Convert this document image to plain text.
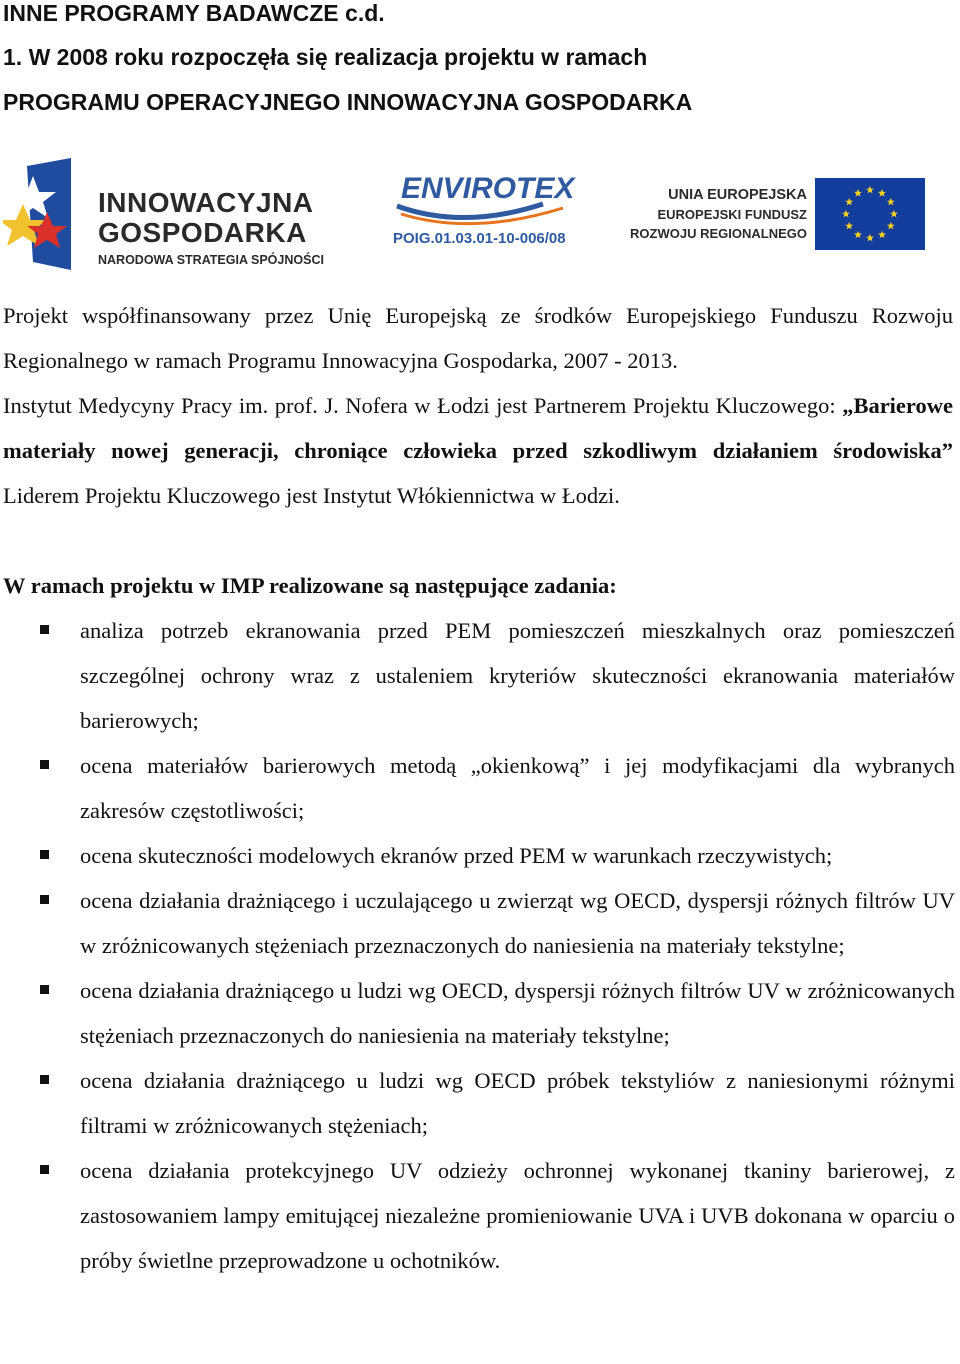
INNE PROGRAMY BADAWCZE c.d.
1. W 2008 roku rozpoczęła się realizacja projektu w ramach
PROGRAMU OPERACYJNEGO INNOWACYJNA GOSPODARKA
INNOWACYJNA
GOSPODARKA
NARODOWA STRATEGIA SPÓJNOŚCI
ENVIROTEX
POIG.01.03.01-10-006/08
UNIA EUROPEJSKA
EUROPEJSKI FUNDUSZ
ROZWOJU REGIONALNEGO

Projekt współfinansowany przez Unię Europejską ze środków Europejskiego Funduszu Rozwoju Regionalnego w ramach Programu Innowacyjna Gospodarka, 2007 - 2013.

Instytut Medycyny Pracy im. prof. J. Nofera w Łodzi jest Partnerem Projektu Kluczowego: „Barierowe materiały nowej generacji, chroniące człowieka przed szkodliwym działaniem środowiska” Liderem Projektu Kluczowego jest Instytut Włókiennictwa w Łodzi.

W ramach projektu w IMP realizowane są następujące zadania:

analiza potrzeb ekranowania przed PEM pomieszczeń mieszkalnych oraz pomieszczeń szczególnej ochrony wraz z ustaleniem kryteriów skuteczności ekranowania materiałów barierowych;
ocena materiałów barierowych metodą „okienkową” i jej modyfikacjami dla wybranych zakresów częstotliwości;
ocena skuteczności modelowych ekranów przed PEM w warunkach rzeczywistych;
ocena działania drażniącego i uczulającego u zwierząt wg OECD, dyspersji różnych filtrów UV w zróżnicowanych stężeniach przeznaczonych do naniesienia na materiały tekstylne;
ocena działania drażniącego u ludzi wg OECD, dyspersji różnych filtrów UV w zróżnicowanych stężeniach przeznaczonych do naniesienia na materiały tekstylne;
ocena działania drażniącego u ludzi wg OECD próbek tekstyliów z naniesionymi różnymi filtrami w zróżnicowanych stężeniach;
ocena działania protekcyjnego UV odzieży ochronnej wykonanej tkaniny barierowej, z zastosowaniem lampy emitującej niezależne promieniowanie UVA i UVB dokonana w oparciu o próby świetlne przeprowadzone u ochotników.
